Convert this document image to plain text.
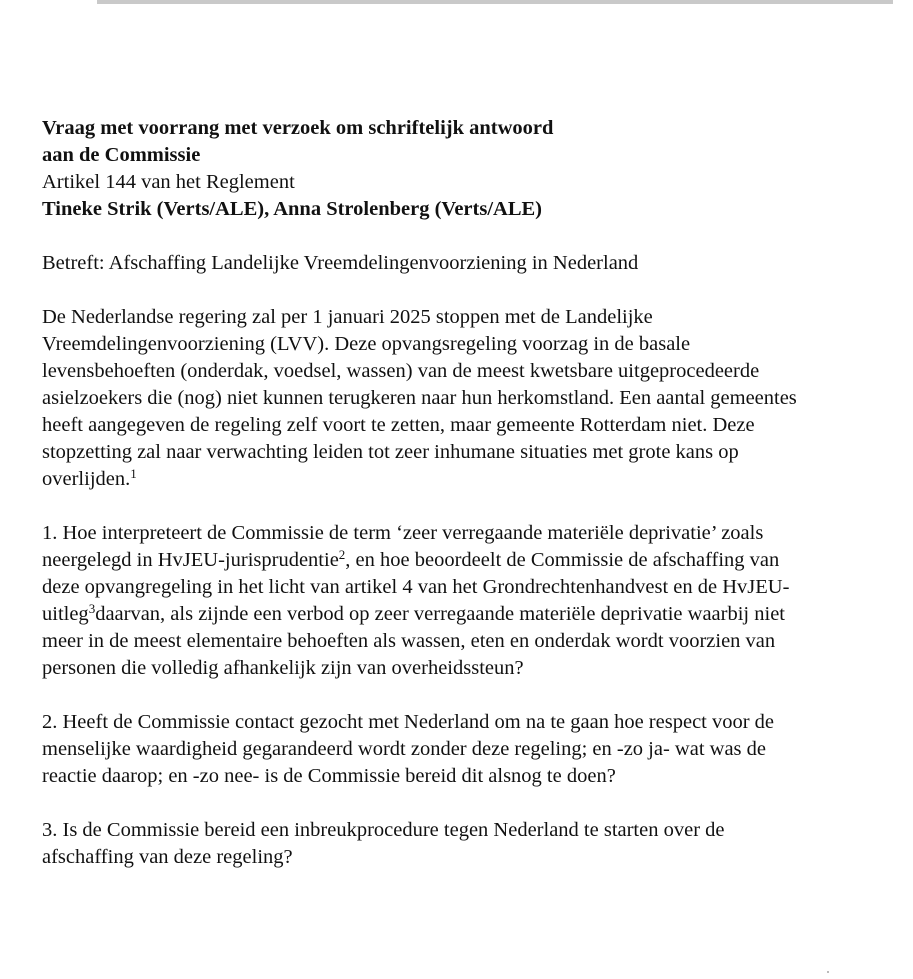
Vraag met voorrang met verzoek om schriftelijk antwoord
aan de Commissie
Artikel 144 van het Reglement
Tineke Strik (Verts/ALE), Anna Strolenberg (Verts/ALE)
Betreft: Afschaffing Landelijke Vreemdelingenvoorziening in Nederland
De Nederlandse regering zal per 1 januari 2025 stoppen met de Landelijke
Vreemdelingenvoorziening (LVV). Deze opvangsregeling voorzag in de basale
levensbehoeften (onderdak, voedsel, wassen) van de meest kwetsbare uitgeprocedeerde
asielzoekers die (nog) niet kunnen terugkeren naar hun herkomstland. Een aantal gemeentes
heeft aangegeven de regeling zelf voort te zetten, maar gemeente Rotterdam niet. Deze
stopzetting zal naar verwachting leiden tot zeer inhumane situaties met grote kans op
overlijden.$^1$
1. Hoe interpreteert de Commissie de term ‘zeer verregaande materiële deprivatie’ zoals
neergelegd in HvJEU-jurisprudentie$^2$, en hoe beoordeelt de Commissie de afschaffing van
deze opvangregeling in het licht van artikel 4 van het Grondrechtenhandvest en de HvJEU-
uitleg$^3$daarvan, als zijnde een verbod op zeer verregaande materiële deprivatie waarbij niet
meer in de meest elementaire behoeften als wassen, eten en onderdak wordt voorzien van
personen die volledig afhankelijk zijn van overheidssteun?
2. Heeft de Commissie contact gezocht met Nederland om na te gaan hoe respect voor de
menselijke waardigheid gegarandeerd wordt zonder deze regeling; en -zo ja- wat was de
reactie daarop; en -zo nee- is de Commissie bereid dit alsnog te doen?
3. Is de Commissie bereid een inbreukprocedure tegen Nederland te starten over de
afschaffing van deze regeling?
